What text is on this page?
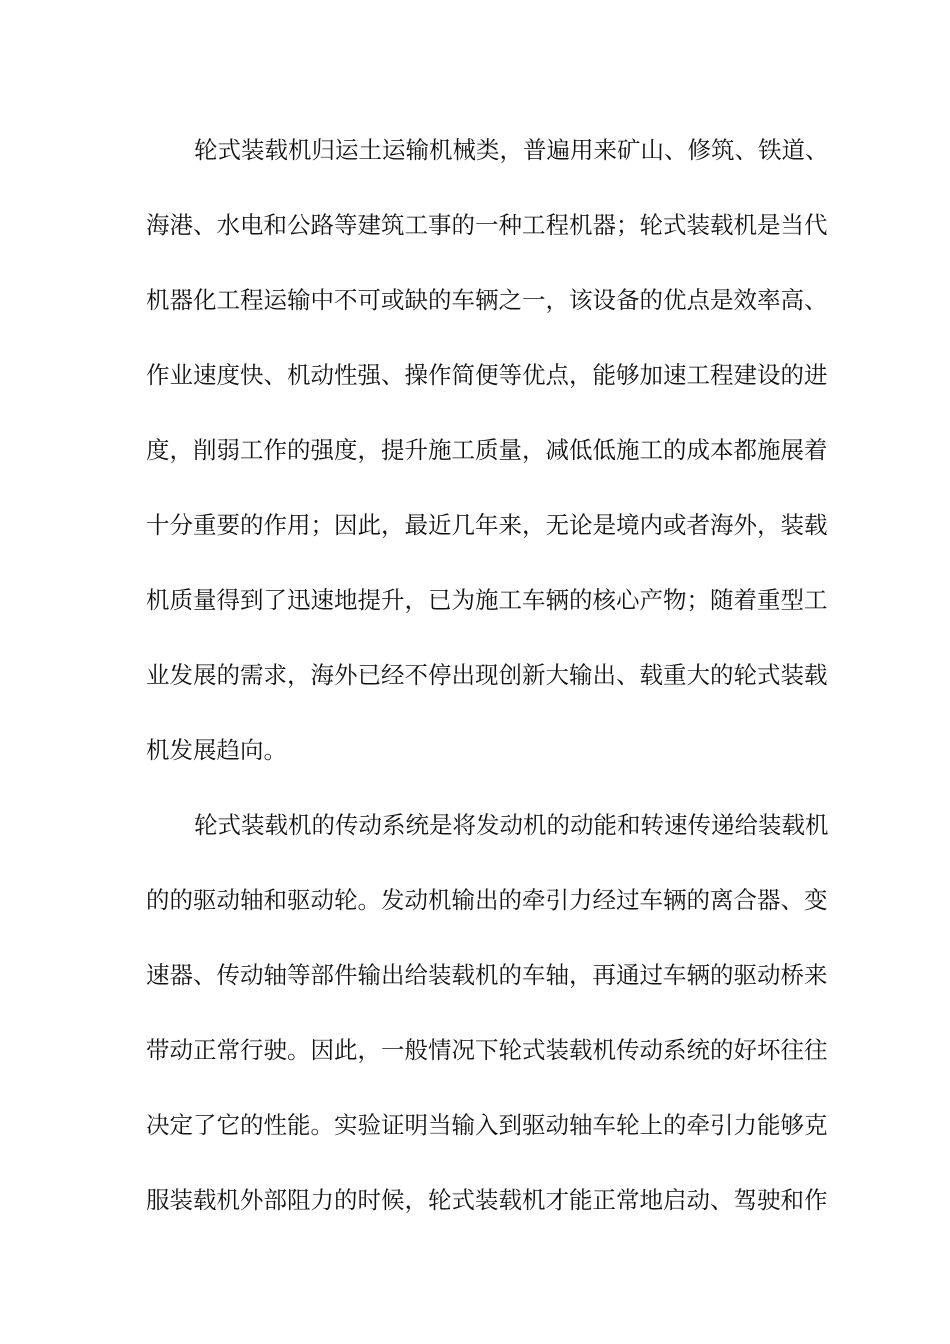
轮式装载机归运土运输机械类，普遍用来矿山、修筑、铁道、
海港、水电和公路等建筑工事的一种工程机器；轮式装载机是当代
机器化工程运输中不可或缺的车辆之一，该设备的优点是效率高、
作业速度快、机动性强、操作简便等优点，能够加速工程建设的进
度，削弱工作的强度，提升施工质量，减低低施工的成本都施展着
十分重要的作用；因此，最近几年来，无论是境内或者海外，装载
机质量得到了迅速地提升，已为施工车辆的核心产物；随着重型工
业发展的需求，海外已经不停出现创新大输出、载重大的轮式装载
机发展趋向。
轮式装载机的传动系统是将发动机的动能和转速传递给装载机
的的驱动轴和驱动轮。发动机输出的牵引力经过车辆的离合器、变
速器、传动轴等部件输出给装载机的车轴，再通过车辆的驱动桥来
带动正常行驶。因此，一般情况下轮式装载机传动系统的好坏往往
决定了它的性能。实验证明当输入到驱动轴车轮上的牵引力能够克
服装载机外部阻力的时候，轮式装载机才能正常地启动、驾驶和作
